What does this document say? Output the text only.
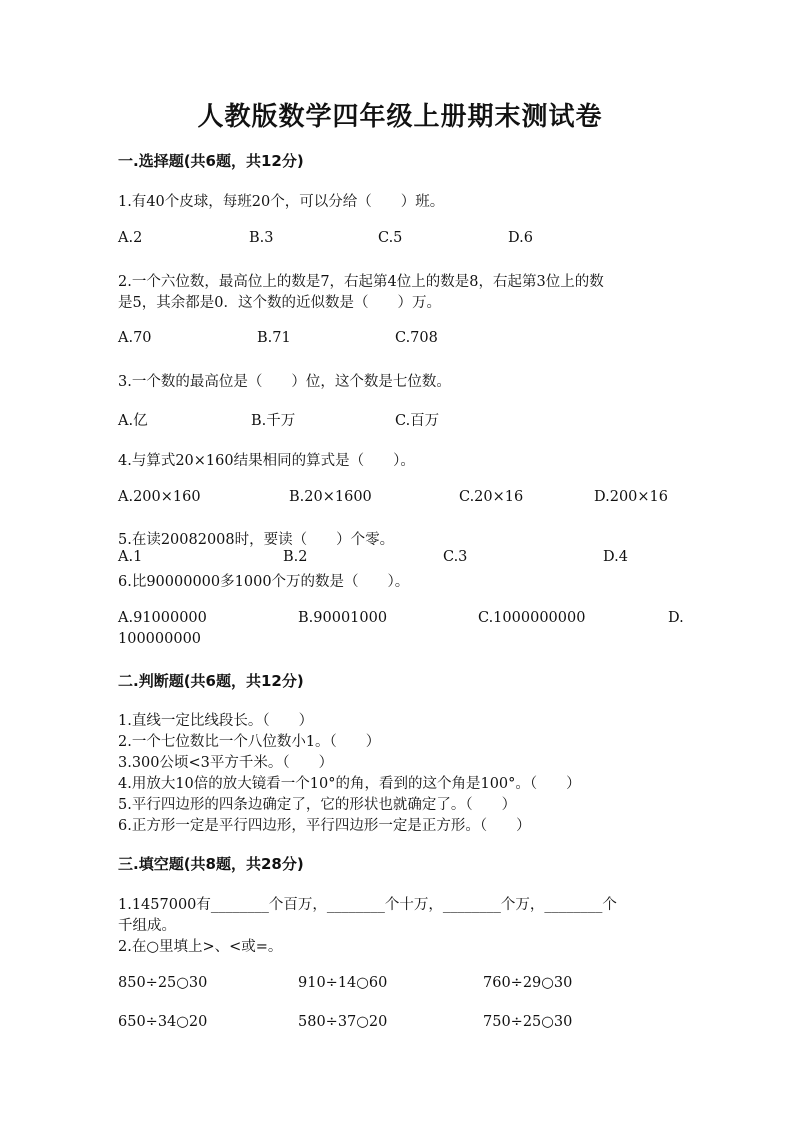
人教版数学四年级上册期末测试卷
一.选择题(共6题，共12分)
1.有40个皮球，每班20个，可以分给（　　）班。
A.2	B.3	C.5	D.6
2.一个六位数，最高位上的数是7，右起第4位上的数是8，右起第3位上的数
是5，其余都是0．这个数的近似数是（　　）万。
A.70	B.71	C.708
3.一个数的最高位是（　　）位，这个数是七位数。
A.亿	B.千万	C.百万
4.与算式20×160结果相同的算式是（　　）。
A.200×160	B.20×1600	C.20×16	D.200×16
5.在读20082008时，要读（　　）个零。
A.1	B.2	C.3	D.4
6.比90000000多1000个万的数是（　　）。
A.91000000	B.90001000	C.1000000000	D.
100000000
二.判断题(共6题，共12分)
1.直线一定比线段长。（　　）
2.一个七位数比一个八位数小1。（　　）
3.300公顷<3平方千米。（　　）
4.用放大10倍的放大镜看一个10°的角，看到的这个角是100°。（　　）
5.平行四边形的四条边确定了，它的形状也就确定了。（　　）
6.正方形一定是平行四边形，平行四边形一定是正方形。（　　）
三.填空题(共8题，共28分)
1.1457000有________个百万，________个十万，________个万，________个
千组成。
2.在○里填上>、<或=。
850÷25○30	910÷14○60	760÷29○30
650÷34○20	580÷37○20	750÷25○30
